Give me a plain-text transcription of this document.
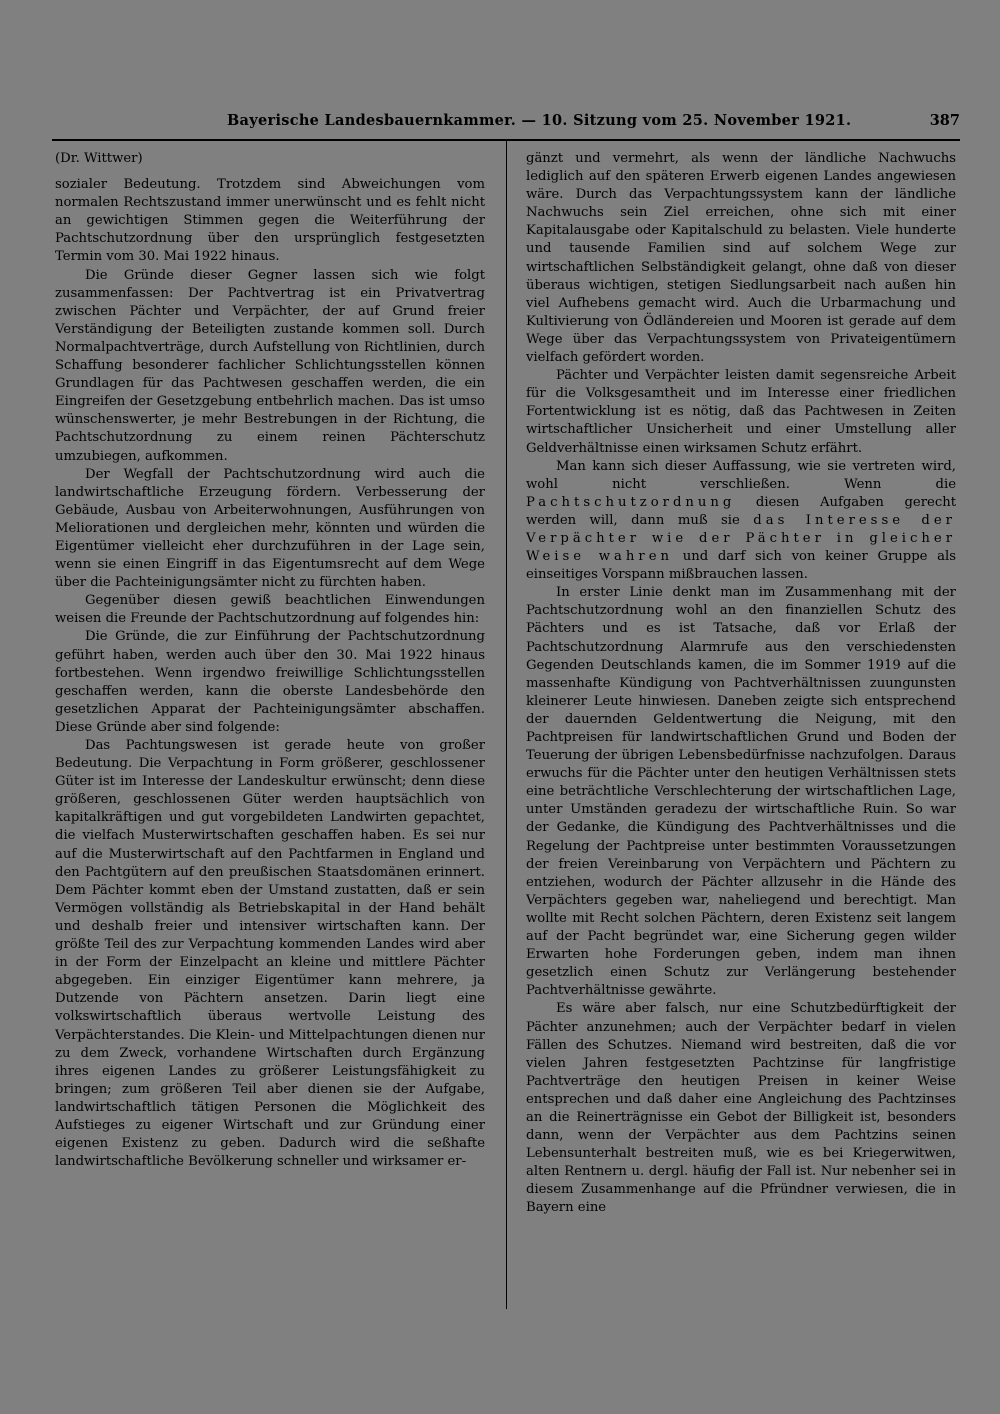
Bayerische Landesbauernkammer. — 10. Sitzung vom 25. November 1921.	387

(Dr. Wittwer)

sozialer Bedeutung. Trotzdem sind Abweichungen vom normalen Rechtszustand immer unerwünscht und es fehlt nicht an gewichtigen Stimmen gegen die Weiterführung der Pachtschutzordnung über den ursprünglich festgesetzten Termin vom 30. Mai 1922 hinaus.

Die Gründe dieser Gegner lassen sich wie folgt zusammenfassen: Der Pachtvertrag ist ein Privatvertrag zwischen Pächter und Verpächter, der auf Grund freier Verständigung der Beteiligten zustande kommen soll. Durch Normalpachtverträge, durch Aufstellung von Richtlinien, durch Schaffung besonderer fachlicher Schlichtungsstellen können Grundlagen für das Pachtwesen geschaffen werden, die ein Eingreifen der Gesetzgebung entbehrlich machen. Das ist umso wünschenswerter, je mehr Bestrebungen in der Richtung, die Pachtschutzordnung zu einem reinen Pächterschutz umzubiegen, aufkommen.

Der Wegfall der Pachtschutzordnung wird auch die landwirtschaftliche Erzeugung fördern. Verbesserung der Gebäude, Ausbau von Arbeiterwohnungen, Ausführungen von Meliorationen und dergleichen mehr, könnten und würden die Eigentümer vielleicht eher durchzuführen in der Lage sein, wenn sie einen Eingriff in das Eigentumsrecht auf dem Wege über die Pachteinigungsämter nicht zu fürchten haben.

Gegenüber diesen gewiß beachtlichen Einwendungen weisen die Freunde der Pachtschutzordnung auf folgendes hin:

Die Gründe, die zur Einführung der Pachtschutzordnung geführt haben, werden auch über den 30. Mai 1922 hinaus fortbestehen. Wenn irgendwo freiwillige Schlichtungsstellen geschaffen werden, kann die oberste Landesbehörde den gesetzlichen Apparat der Pachteinigungsämter abschaffen. Diese Gründe aber sind folgende:

Das Pachtungswesen ist gerade heute von großer Bedeutung. Die Verpachtung in Form größerer, geschlossener Güter ist im Interesse der Landeskultur erwünscht; denn diese größeren, geschlossenen Güter werden hauptsächlich von kapitalkräftigen und gut vorgebildeten Landwirten gepachtet, die vielfach Musterwirtschaften geschaffen haben. Es sei nur auf die Musterwirtschaft auf den Pachtfarmen in England und den Pachtgütern auf den preußischen Staatsdomänen erinnert. Dem Pächter kommt eben der Umstand zustatten, daß er sein Vermögen vollständig als Betriebskapital in der Hand behält und deshalb freier und intensiver wirtschaften kann. Der größte Teil des zur Verpachtung kommenden Landes wird aber in der Form der Einzelpacht an kleine und mittlere Pächter abgegeben. Ein einziger Eigentümer kann mehrere, ja Dutzende von Pächtern ansetzen. Darin liegt eine volkswirtschaftlich überaus wertvolle Leistung des Verpächterstandes. Die Klein- und Mittelpachtungen dienen nur zu dem Zweck, vorhandene Wirtschaften durch Ergänzung ihres eigenen Landes zu größerer Leistungsfähigkeit zu bringen; zum größeren Teil aber dienen sie der Aufgabe, landwirtschaftlich tätigen Personen die Möglichkeit des Aufstieges zu eigener Wirtschaft und zur Gründung einer eigenen Existenz zu geben. Dadurch wird die seßhafte landwirtschaftliche Bevölkerung schneller und wirksamer er-

gänzt und vermehrt, als wenn der ländliche Nachwuchs lediglich auf den späteren Erwerb eigenen Landes angewiesen wäre. Durch das Verpachtungssystem kann der ländliche Nachwuchs sein Ziel erreichen, ohne sich mit einer Kapitalausgabe oder Kapitalschuld zu belasten. Viele hunderte und tausende Familien sind auf solchem Wege zur wirtschaftlichen Selbständigkeit gelangt, ohne daß von dieser überaus wichtigen, stetigen Siedlungsarbeit nach außen hin viel Aufhebens gemacht wird. Auch die Urbarmachung und Kultivierung von Ödländereien und Mooren ist gerade auf dem Wege über das Verpachtungssystem von Privateigentümern vielfach gefördert worden.

Pächter und Verpächter leisten damit segensreiche Arbeit für die Volksgesamtheit und im Interesse einer friedlichen Fortentwicklung ist es nötig, daß das Pachtwesen in Zeiten wirtschaftlicher Unsicherheit und einer Umstellung aller Geldverhältnisse einen wirksamen Schutz erfährt.

Man kann sich dieser Auffassung, wie sie vertreten wird, wohl nicht verschließen. Wenn die Pachtschutzordnung diesen Aufgaben gerecht werden will, dann muß sie das Interesse der Verpächter wie der Pächter in gleicher Weise wahren und darf sich von keiner Gruppe als einseitiges Vorspann mißbrauchen lassen.

In erster Linie denkt man im Zusammenhang mit der Pachtschutzordnung wohl an den finanziellen Schutz des Pächters und es ist Tatsache, daß vor Erlaß der Pachtschutzordnung Alarmrufe aus den verschiedensten Gegenden Deutschlands kamen, die im Sommer 1919 auf die massenhafte Kündigung von Pachtverhältnissen zuungunsten kleinerer Leute hinwiesen. Daneben zeigte sich entsprechend der dauernden Geldentwertung die Neigung, mit den Pachtpreisen für landwirtschaftlichen Grund und Boden der Teuerung der übrigen Lebensbedürfnisse nachzufolgen. Daraus erwuchs für die Pächter unter den heutigen Verhältnissen stets eine beträchtliche Verschlechterung der wirtschaftlichen Lage, unter Umständen geradezu der wirtschaftliche Ruin. So war der Gedanke, die Kündigung des Pachtverhältnisses und die Regelung der Pachtpreise unter bestimmten Voraussetzungen der freien Vereinbarung von Verpächtern und Pächtern zu entziehen, wodurch der Pächter allzusehr in die Hände des Verpächters gegeben war, naheliegend und berechtigt. Man wollte mit Recht solchen Pächtern, deren Existenz seit langem auf der Pacht begründet war, eine Sicherung gegen wilder Erwarten hohe Forderungen geben, indem man ihnen gesetzlich einen Schutz zur Verlängerung bestehender Pachtverhältnisse gewährte.

Es wäre aber falsch, nur eine Schutzbedürftigkeit der Pächter anzunehmen; auch der Verpächter bedarf in vielen Fällen des Schutzes. Niemand wird bestreiten, daß die vor vielen Jahren festgesetzten Pachtzinse für langfristige Pachtverträge den heutigen Preisen in keiner Weise entsprechen und daß daher eine Angleichung des Pachtzinses an die Reinerträgnisse ein Gebot der Billigkeit ist, besonders dann, wenn der Verpächter aus dem Pachtzins seinen Lebensunterhalt bestreiten muß, wie es bei Kriegerwitwen, alten Rentnern u. dergl. häufig der Fall ist. Nur nebenher sei in diesem Zusammenhange auf die Pfründner verwiesen, die in Bayern eine
